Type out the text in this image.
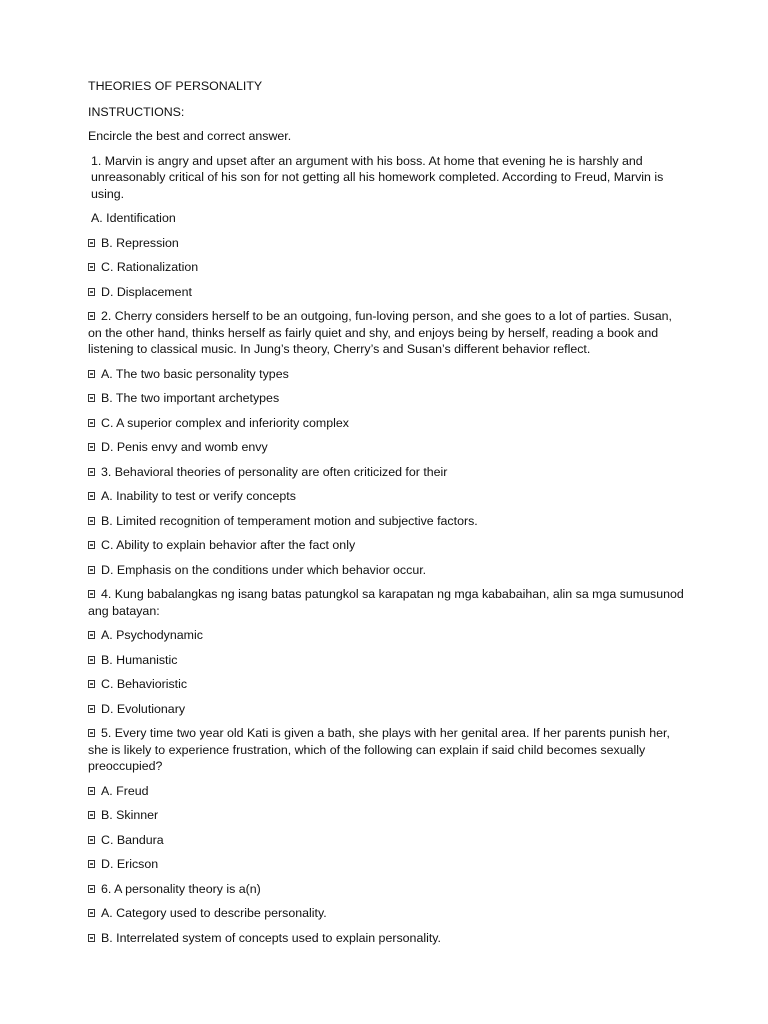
THEORIES OF PERSONALITY
INSTRUCTIONS:
Encircle the best and correct answer.
1. Marvin is angry and upset after an argument with his boss. At home that evening he is harshly and unreasonably critical of his son for not getting all his homework completed. According to Freud, Marvin is using.
A. Identification
B. Repression
C. Rationalization
D. Displacement
2. Cherry considers herself to be an outgoing, fun-loving person, and she goes to a lot of parties. Susan, on the other hand, thinks herself as fairly quiet and shy, and enjoys being by herself, reading a book and listening to classical music. In Jung’s theory, Cherry’s and Susan’s different behavior reflect.
A. The two basic personality types
B. The two important archetypes
C. A superior complex and inferiority complex
D. Penis envy and womb envy
3. Behavioral theories of personality are often criticized for their
A. Inability to test or verify concepts
B. Limited recognition of temperament motion and subjective factors.
C. Ability to explain behavior after the fact only
D. Emphasis on the conditions under which behavior occur.
4. Kung babalangkas ng isang batas patungkol sa karapatan ng mga kababaihan, alin sa mga sumusunod ang batayan:
A. Psychodynamic
B. Humanistic
C. Behavioristic
D. Evolutionary
5. Every time two year old Kati is given a bath, she plays with her genital area. If her parents punish her, she is likely to experience frustration, which of the following can explain if said child becomes sexually preoccupied?
A. Freud
B. Skinner
C. Bandura
D. Ericson
6. A personality theory is a(n)
A. Category used to describe personality.
B. Interrelated system of concepts used to explain personality.
